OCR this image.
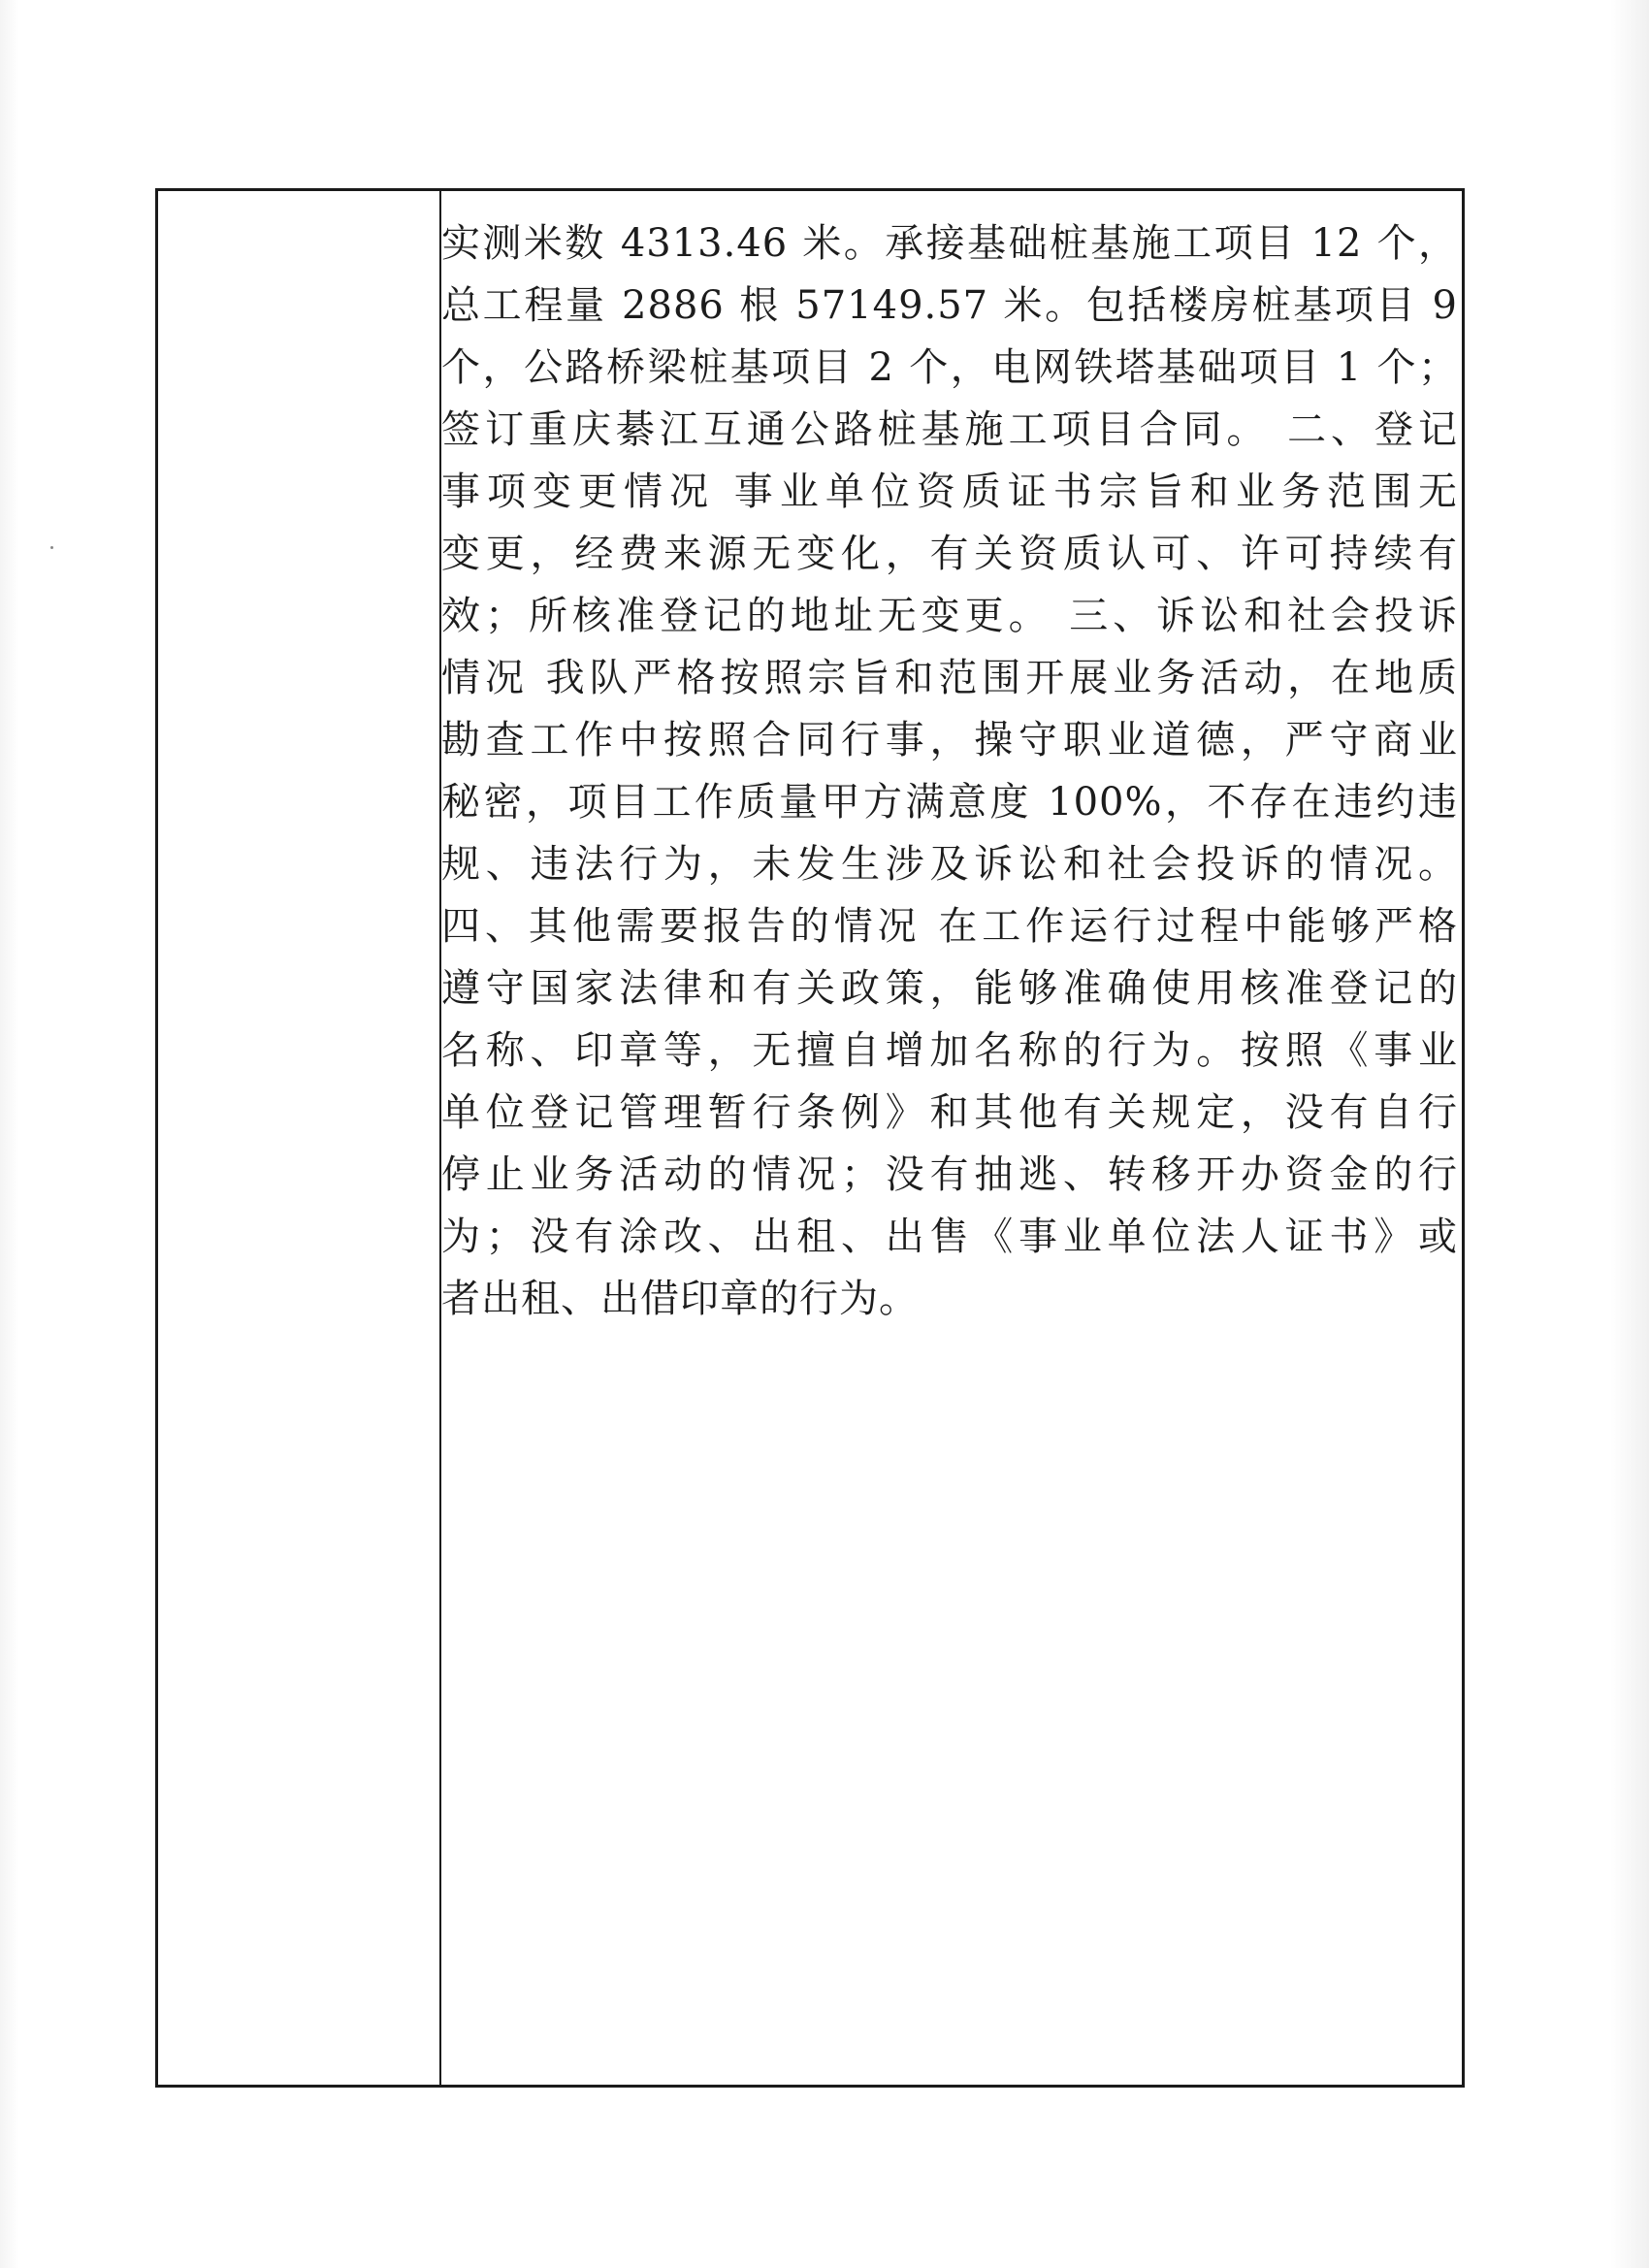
实测米数 4313.46 米。承接基础桩基施工项目 12 个，
总工程量 2886 根 57149.57 米。包括楼房桩基项目 9
个，公路桥梁桩基项目 2 个，电网铁塔基础项目 1 个；
签订重庆綦江互通公路桩基施工项目合同。 二、登记
事项变更情况 事业单位资质证书宗旨和业务范围无
变更，经费来源无变化，有关资质认可、许可持续有
效；所核准登记的地址无变更。 三、诉讼和社会投诉
情况 我队严格按照宗旨和范围开展业务活动，在地质
勘查工作中按照合同行事，操守职业道德，严守商业
秘密，项目工作质量甲方满意度 100%，不存在违约违
规、违法行为，未发生涉及诉讼和社会投诉的情况。
四、其他需要报告的情况 在工作运行过程中能够严格
遵守国家法律和有关政策，能够准确使用核准登记的
名称、印章等，无擅自增加名称的行为。按照《事业
单位登记管理暂行条例》和其他有关规定，没有自行
停止业务活动的情况；没有抽逃、转移开办资金的行
为；没有涂改、出租、出售《事业单位法人证书》或
者出租、出借印章的行为。
